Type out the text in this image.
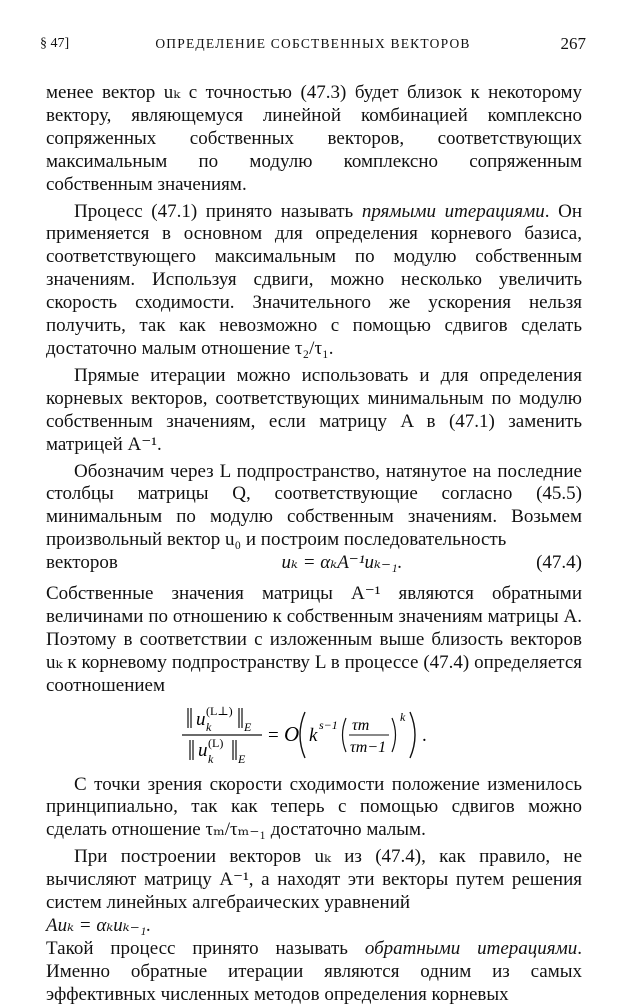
§ 47]	ОПРЕДЕЛЕНИЕ СОБСТВЕННЫХ ВЕКТОРОВ	267

менее вектор uₖ с точностью (47.3) будет близок к некоторому вектору, являющемуся линейной комбинацией комплексно сопряженных собственных векторов, соответствующих максимальным по модулю комплексно сопряженным собственным значениям.

Процесс (47.1) принято называть прямыми итерациями. Он применяется в основном для определения корневого базиса, соответствующего максимальным по модулю собственным значениям. Используя сдвиги, можно несколько увеличить скорость сходимости. Значительного же ускорения нельзя получить, так как невозможно с помощью сдвигов сделать достаточно малым отношение τ₂/τ₁.

Прямые итерации можно использовать и для определения корневых векторов, соответствующих минимальным по модулю собственным значениям, если матрицу A в (47.1) заменить матрицей A⁻¹.

Обозначим через L подпространство, натянутое на последние столбцы матрицы Q, соответствующие согласно (45.5) минимальным по модулю собственным значениям. Возьмем произвольный вектор u₀ и построим последовательность

векторов	uₖ = αₖA⁻¹uₖ₋₁.	(47.4)

Собственные значения матрицы A⁻¹ являются обратными величинами по отношению к собственным значениям матрицы A. Поэтому в соответствии с изложенным выше близость векторов uₖ к корневому подпространству L в процессе (47.4) определяется соотношением

u (L⊥)
k	E
u (L)
k E
= O k s−1 τm
τm−1
k
.

С точки зрения скорости сходимости положение изменилось принципиально, так как теперь с помощью сдвигов можно сделать отношение τₘ/τₘ₋₁ достаточно малым.

При построении векторов uₖ из (47.4), как правило, не вычисляют матрицу A⁻¹, а находят эти векторы путем решения систем линейных алгебраических уравнений

Auₖ = αₖuₖ₋₁.

Такой процесс принято называть обратными итерациями. Именно обратные итерации являются одним из самых эффективных численных методов определения корневых
